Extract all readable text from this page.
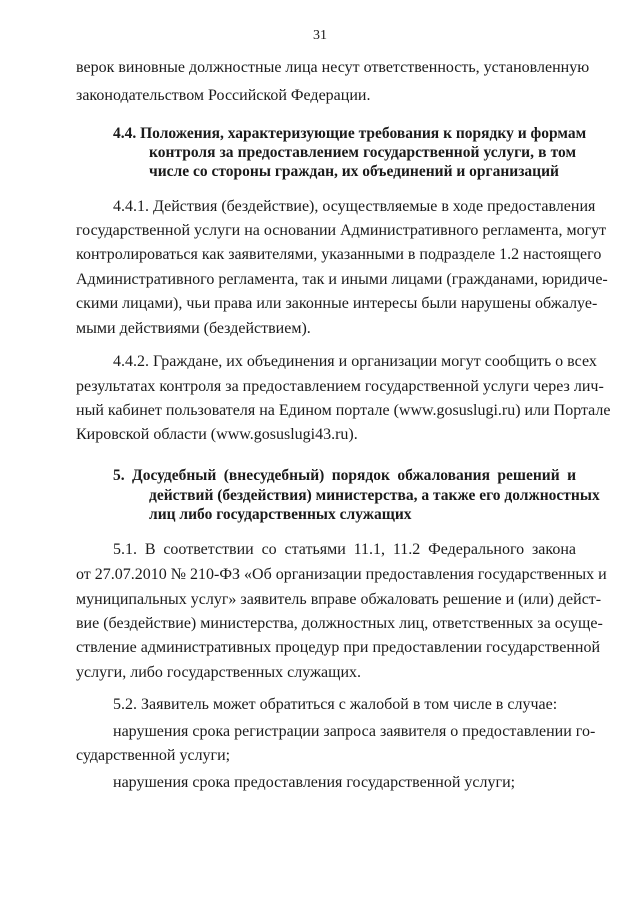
31
верок виновные должностные лица несут ответственность, установленную
законодательством Российской Федерации.
4.4. Положения, характеризующие требования к порядку и формам
контроля за предоставлением государственной услуги, в том
числе со стороны граждан, их объединений и организаций
4.4.1. Действия (бездействие), осуществляемые в ходе предоставления
государственной услуги на основании Административного регламента, могут
контролироваться как заявителями, указанными в подразделе 1.2 настоящего
Административного регламента, так и иными лицами (гражданами, юридиче-
скими лицами), чьи права или законные интересы были нарушены обжалуе-
мыми действиями (бездействием).
4.4.2. Граждане, их объединения и организации могут сообщить о всех
результатах контроля за предоставлением государственной услуги через лич-
ный кабинет пользователя на Едином портале (www.gosuslugi.ru) или Портале
Кировской области (www.gosuslugi43.ru).
5. Досудебный (внесудебный) порядок обжалования решений и
действий (бездействия) министерства, а также его должностных
лиц либо государственных служащих
5.1. В соответствии со статьями 11.1, 11.2 Федерального закона
от 27.07.2010 № 210-ФЗ «Об организации предоставления государственных и
муниципальных услуг» заявитель вправе обжаловать решение и (или) дейст-
вие (бездействие) министерства, должностных лиц, ответственных за осуще-
ствление административных процедур при предоставлении государственной
услуги, либо государственных служащих.
5.2. Заявитель может обратиться с жалобой в том числе в случае:
нарушения срока регистрации запроса заявителя о предоставлении го-
сударственной услуги;
нарушения срока предоставления государственной услуги;
